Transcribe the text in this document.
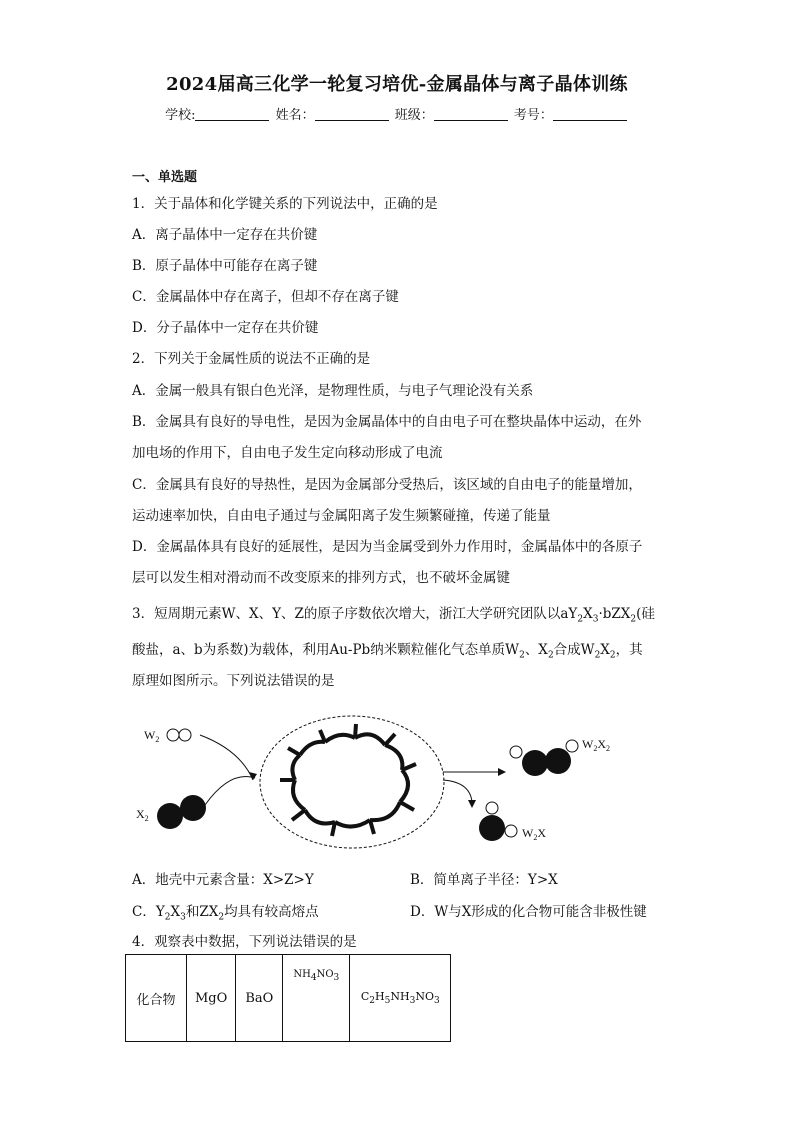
2024届高三化学一轮复习培优-金属晶体与离子晶体训练
学校:	姓名：	班级：	考号：
一、单选题
1．关于晶体和化学键关系的下列说法中，正确的是
A．离子晶体中一定存在共价键
B．原子晶体中可能存在离子键
C．金属晶体中存在离子，但却不存在离子键
D．分子晶体中一定存在共价键
2．下列关于金属性质的说法不正确的是
A．金属一般具有银白色光泽，是物理性质，与电子气理论没有关系
B．金属具有良好的导电性，是因为金属晶体中的自由电子可在整块晶体中运动，在外
加电场的作用下，自由电子发生定向移动形成了电流
C．金属具有良好的导热性，是因为金属部分受热后，该区域的自由电子的能量增加，
运动速率加快，自由电子通过与金属阳离子发生频繁碰撞，传递了能量
D．金属晶体具有良好的延展性，是因为当金属受到外力作用时，金属晶体中的各原子
层可以发生相对滑动而不改变原来的排列方式，也不破坏金属键
3．短周期元素W、X、Y、Z的原子序数依次增大，浙江大学研究团队以$aY_2X_3\cdot bZX_2$(硅
酸盐，a、b为系数)为载体，利用Au-Pb纳米颗粒催化气态单质$W_2$、$X_2$合成$W_2X_2$，其
原理如图所示。下列说法错误的是
$W_2$
$X_2$
$W_2X_2$
$W_2X$
A．地壳中元素含量：X>Z>Y	B．简单离子半径：Y>X
C．$Y_2X_3$和$ZX_2$均具有较高熔点	D．W与X形成的化合物可能含非极性键
4．观察表中数据，下列说法错误的是
化合物	MgO	BaO	$NH_4NO_3$	$C_2H_5NH_3NO_3$
